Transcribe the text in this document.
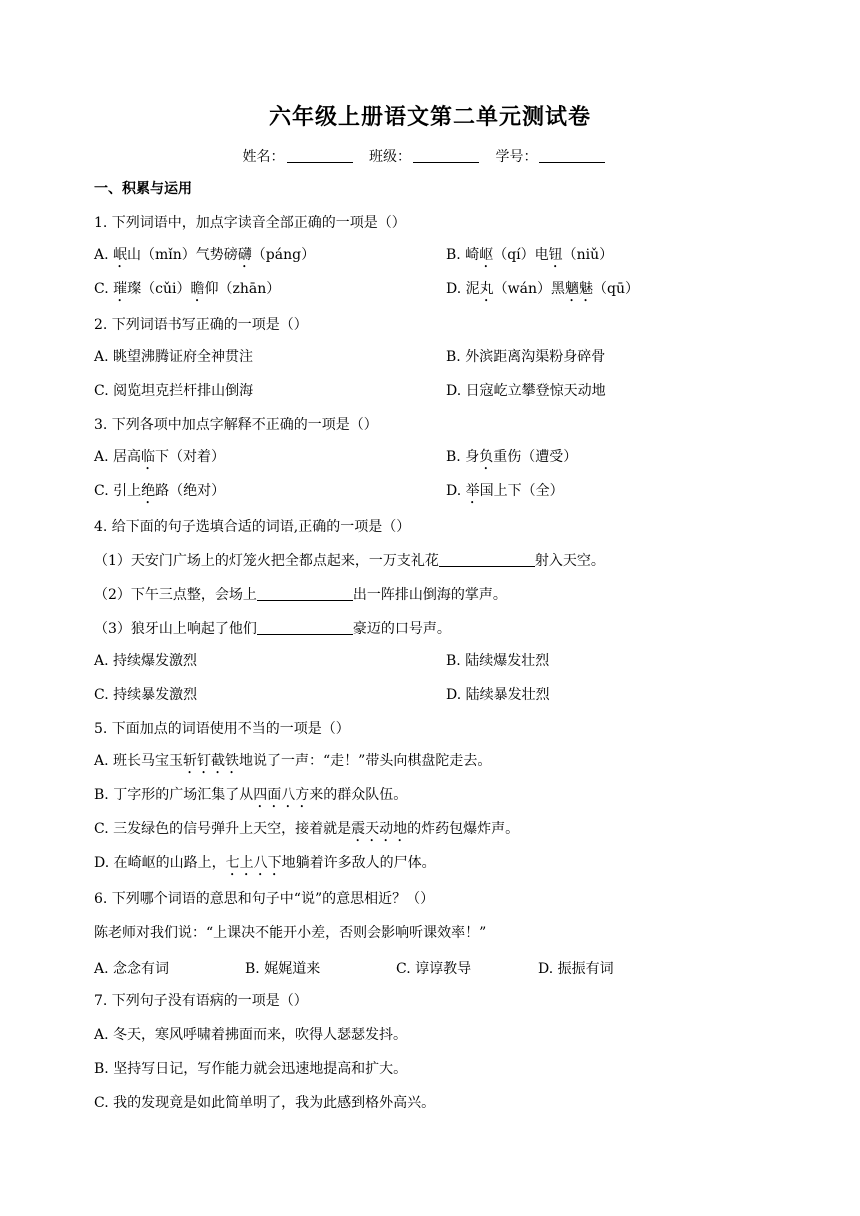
六年级上册语文第二单元测试卷
姓名：	班级：	学号：
一、积累与运用
1. 下列词语中，加点字读音全部正确的一项是（）
A. 岷山（mǐn）气势磅礴（páng）	B. 崎岖（qí）电钮（niǔ）
C. 璀璨（cǔi）瞻仰（zhān）	D. 泥丸（wán）黑魑魅（qū）
2. 下列词语书写正确的一项是（）
A. 眺望沸腾证府全神贯注	B. 外滨距离沟渠粉身碎骨
C. 阅览坦克拦杆排山倒海	D. 日寇屹立攀登惊天动地
3. 下列各项中加点字解释不正确的一项是（）
A. 居高临下（对着）	B. 身负重伤（遭受）
C. 引上绝路（绝对）	D. 举国上下（全）
4. 给下面的句子选填合适的词语,正确的一项是（）
（1）天安门广场上的灯笼火把全都点起来，一万支礼花	射入天空。
（2）下午三点整，会场上	出一阵排山倒海的掌声。
（3）狼牙山上响起了他们	豪迈的口号声。
A. 持续爆发激烈	B. 陆续爆发壮烈
C. 持续暴发激烈	D. 陆续暴发壮烈
5. 下面加点的词语使用不当的一项是（）
A. 班长马宝玉斩钉截铁地说了一声：“走！”带头向棋盘陀走去。
B. 丁字形的广场汇集了从四面八方来的群众队伍。
C. 三发绿色的信号弹升上天空，接着就是震天动地的炸药包爆炸声。
D. 在崎岖的山路上，七上八下地躺着许多敌人的尸体。
6. 下列哪个词语的意思和句子中“说”的意思相近？（）
陈老师对我们说：“上课决不能开小差，否则会影响听课效率！”
A. 念念有词	B. 娓娓道来	C. 谆谆教导	D. 振振有词
7. 下列句子没有语病的一项是（）
A. 冬天，寒风呼啸着拂面而来，吹得人瑟瑟发抖。
B. 坚持写日记，写作能力就会迅速地提高和扩大。
C. 我的发现竟是如此简单明了，我为此感到格外高兴。
